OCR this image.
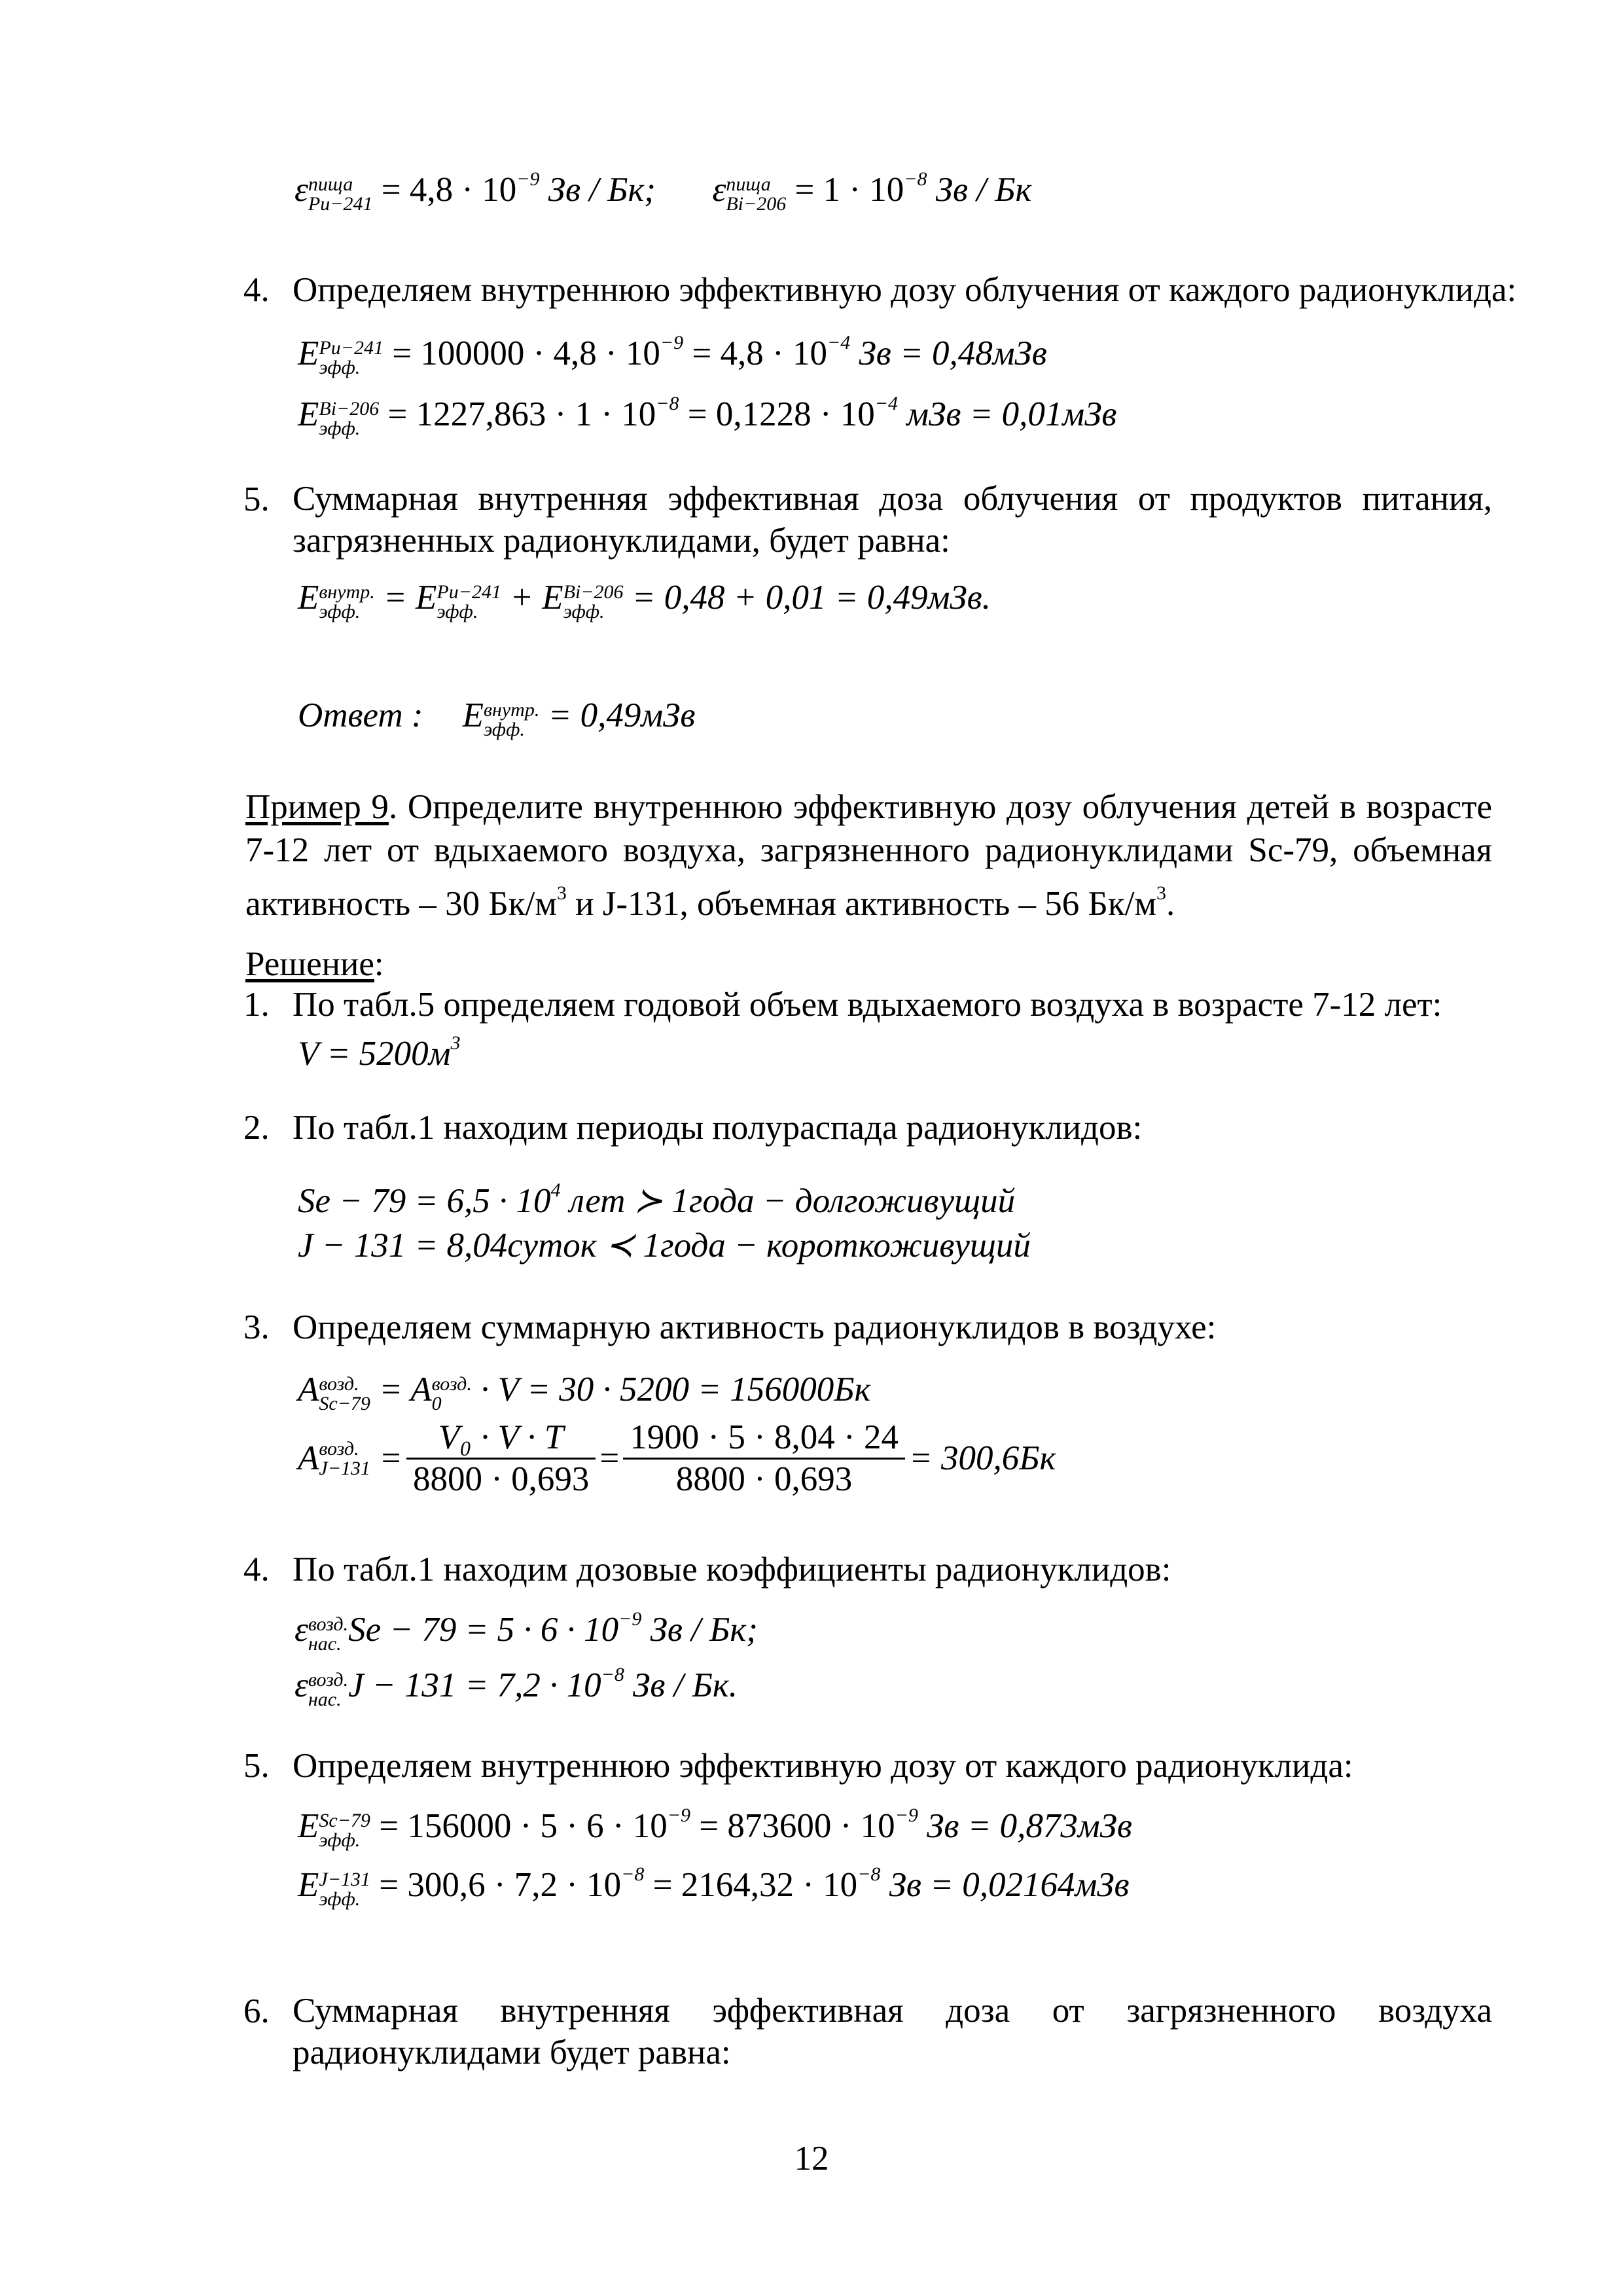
ε пища
$Pu-241 = 4,8 \cdot 10^{-9}$ Зв / Бк; ε пища
$Bi-206 = 1 \cdot 10^{-8}$ Зв / Бк
4. Определяем внутреннюю эффективную дозу облучения от каждого радионуклида:
E Pu−241
эфф. = $100000 \cdot 4,8 \cdot 10^{-9} = 4,8 \cdot 10^{-4}$ Зв = 0,48мЗв
E Bi−206
эфф. = $1227,863 \cdot 1 \cdot 10^{-8} = 0,1228 \cdot 10^{-4}$ мЗв = 0,01мЗв
5. Суммарная внутренняя эффективная доза облучения от продуктов питания, загрязненных радионуклидами, будет равна:
E внутр.
эфф. = E Pu−241
эфф. + E Bi−206
эфф. = 0,48 + 0,01 = 0,49мЗв.
Ответ : E внутр.
эфф. = 0,49мЗв
Пример 9. Определите внутреннюю эффективную дозу облучения детей в возрасте 7-12 лет от вдыхаемого воздуха, загрязненного радионуклидами Sc-79, объемная активность – 30 $Бк/м^3$ и J-131, объемная активность – 56 $Бк/м^3$.
Решение:
1. По табл.5 определяем годовой объем вдыхаемого воздуха в возрасте 7-12 лет:
$V = 5200м^3$
2. По табл.1 находим периоды полураспада радионуклидов:
$Se - 79 = 6,5 \cdot 10^4$ лет ≻ 1года − долгоживущий
J − 131 = 8,04суток ≺ 1года − короткоживущий
3. Определяем суммарную активность радионуклидов в воздухе:
A возд.
Sc−79 = A возд.
0 · V = 30 · 5200 = 156000Бк
A возд.
$J-131 = \frac{\text{V₀ · V · T}}{8800 \cdot 0,693} = \frac{1900 \cdot 5 \cdot 8,04 \cdot 24}{8800 \cdot 0,693} = 300,6Бк$
4. По табл.1 находим дозовые коэффициенты радионуклидов:
ε возд.
нас. $Se - 79 = 5 \cdot 6 \cdot 10^{-9}$ Зв / Бк;
ε возд.
нас. $J - 131 = 7,2 \cdot 10^{-8}$ Зв / Бк.
5. Определяем внутреннюю эффективную дозу от каждого радионуклида:
E Sc−79
эфф. = $156000 \cdot 5 \cdot 6 \cdot 10^{-9} = 873600 \cdot 10^{-9}$ Зв = 0,873мЗв
E J−131
эфф. = $300,6 \cdot 7,2 \cdot 10^{-8} = 2164,32 \cdot 10^{-8}$ Зв = 0,02164мЗв
6. Суммарная внутренняя эффективная доза от загрязненного воздуха радионуклидами будет равна:
12
